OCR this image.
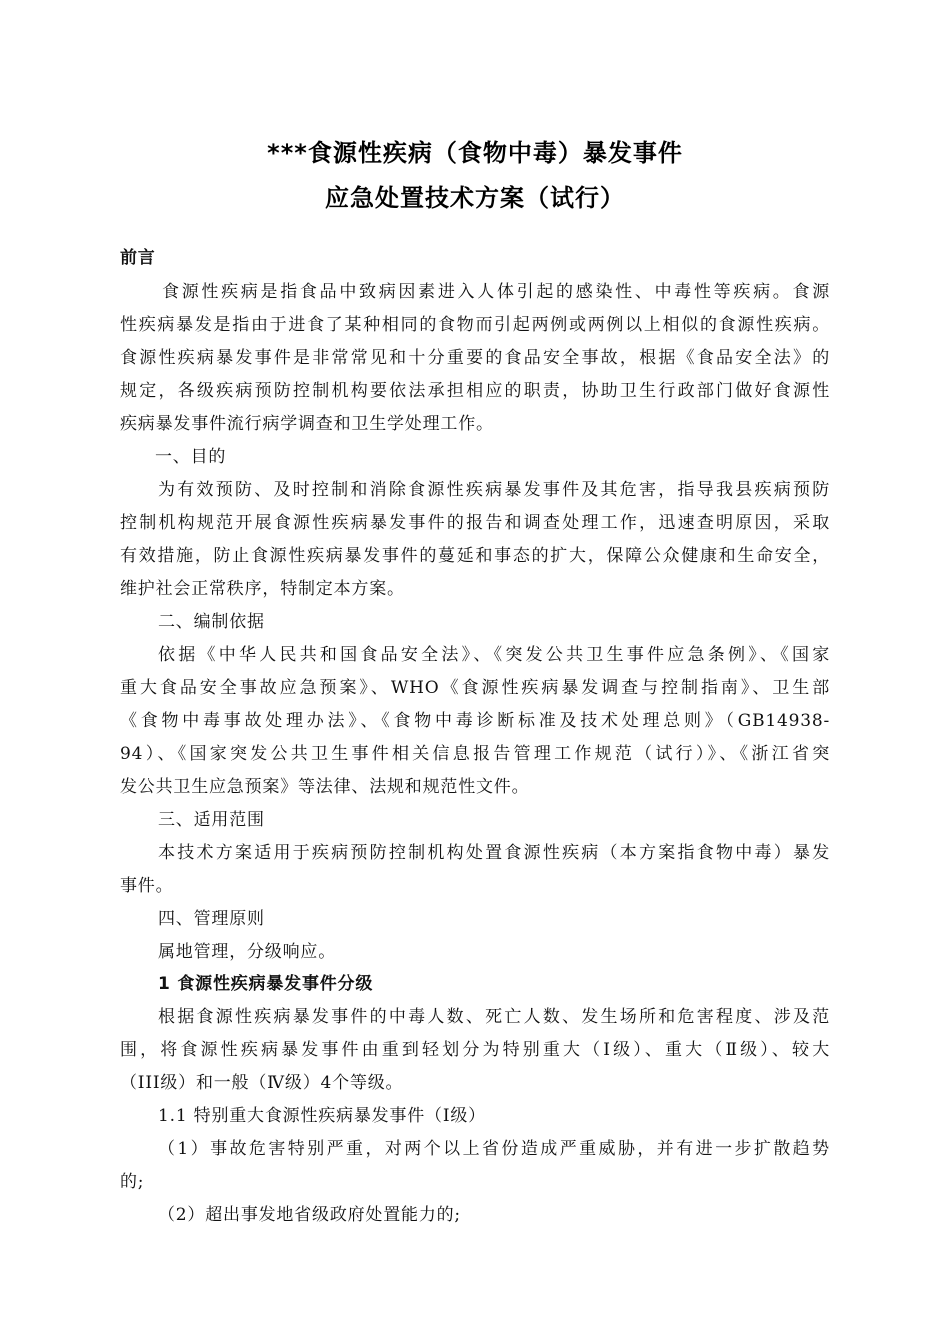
***食源性疾病（食物中毒）暴发事件
应急处置技术方案（试行）
前言
食源性疾病是指食品中致病因素进入人体引起的感染性、中毒性等疾病。食源
性疾病暴发是指由于进食了某种相同的食物而引起两例或两例以上相似的食源性疾病。
食源性疾病暴发事件是非常常见和十分重要的食品安全事故，根据《食品安全法》的
规定，各级疾病预防控制机构要依法承担相应的职责，协助卫生行政部门做好食源性
疾病暴发事件流行病学调查和卫生学处理工作。
一、目的
为有效预防、及时控制和消除食源性疾病暴发事件及其危害，指导我县疾病预防
控制机构规范开展食源性疾病暴发事件的报告和调查处理工作，迅速查明原因，采取
有效措施，防止食源性疾病暴发事件的蔓延和事态的扩大，保障公众健康和生命安全，
维护社会正常秩序，特制定本方案。
二、编制依据
依据《中华人民共和国食品安全法》、《突发公共卫生事件应急条例》、《国家
重大食品安全事故应急预案》、WHO《食源性疾病暴发调查与控制指南》、卫生部
《食物中毒事故处理办法》、《食物中毒诊断标准及技术处理总则》（GB14938-
94）、《国家突发公共卫生事件相关信息报告管理工作规范（试行）》、《浙江省突
发公共卫生应急预案》等法律、法规和规范性文件。
三、适用范围
本技术方案适用于疾病预防控制机构处置食源性疾病（本方案指食物中毒）暴发
事件。
四、管理原则
属地管理，分级响应。
1 食源性疾病暴发事件分级
根据食源性疾病暴发事件的中毒人数、死亡人数、发生场所和危害程度、涉及范
围，将食源性疾病暴发事件由重到轻划分为特别重大（Ⅰ级）、重大（Ⅱ级）、较大
（III级）和一般（Ⅳ级）4个等级。
1.1 特别重大食源性疾病暴发事件（Ⅰ级）
（1）事故危害特别严重，对两个以上省份造成严重威胁，并有进一步扩散趋势
的;
（2）超出事发地省级政府处置能力的;
